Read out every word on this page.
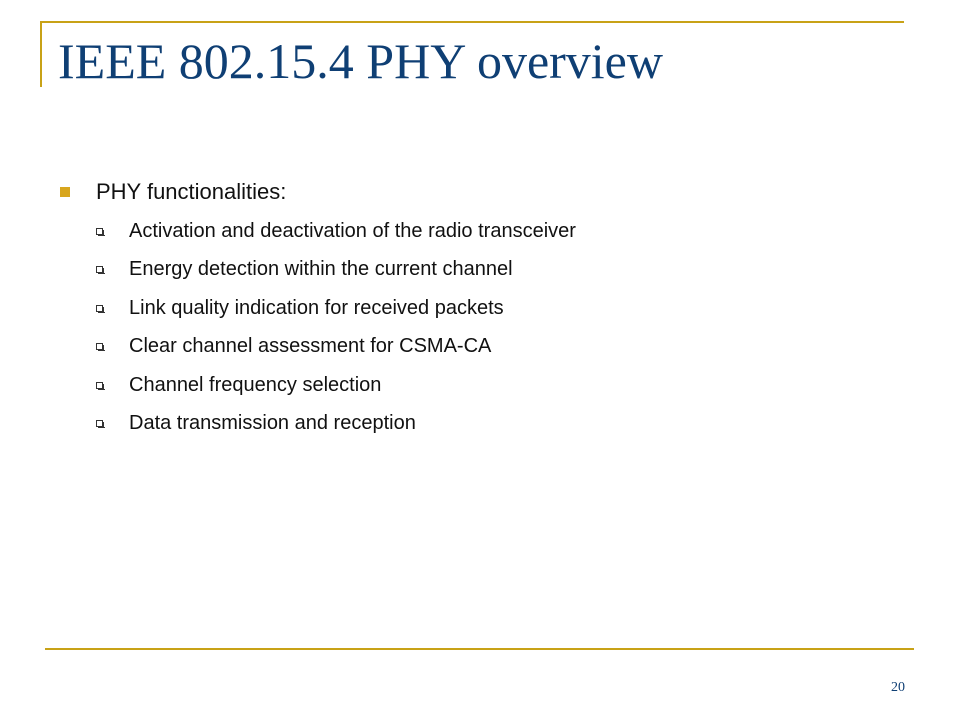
IEEE 802.15.4 PHY overview
PHY functionalities:
Activation and deactivation of the radio transceiver
Energy detection within the current channel
Link quality indication for received packets
Clear channel assessment for CSMA-CA
Channel frequency selection
Data transmission and reception
20
